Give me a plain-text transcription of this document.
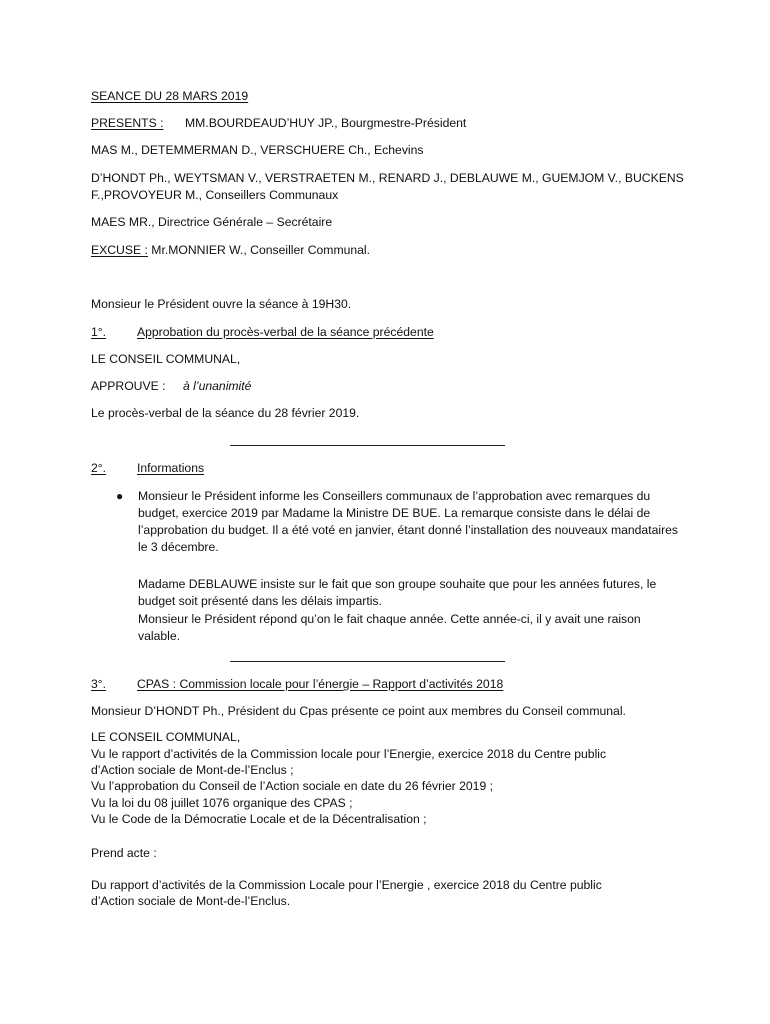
SEANCE DU 28 MARS 2019
PRESENTS : MM.BOURDEAUD’HUY JP., Bourgmestre-Président
MAS M., DETEMMERMAN D., VERSCHUERE Ch., Echevins
D’HONDT Ph., WEYTSMAN V., VERSTRAETEN M., RENARD J., DEBLAUWE M., GUEMJOM V., BUCKENS
F.,PROVOYEUR M., Conseillers Communaux
MAES MR., Directrice Générale – Secrétaire
EXCUSE : Mr.MONNIER W., Conseiller Communal.
Monsieur le Président ouvre la séance à 19H30.
1°.	Approbation du procès-verbal de la séance précédente
LE CONSEIL COMMUNAL,
APPROUVE : à l’unanimité
Le procès-verbal de la séance du 28 février 2019.
2°.	Informations
● Monsieur le Président informe les Conseillers communaux de l’approbation avec remarques du budget, exercice 2019 par Madame la Ministre DE BUE. La remarque consiste dans le délai de l’approbation du budget. Il a été voté en janvier, étant donné l’installation des nouveaux mandataires le 3 décembre.
Madame DEBLAUWE insiste sur le fait que son groupe souhaite que pour les années futures, le budget soit présenté dans les délais impartis.
Monsieur le Président répond qu’on le fait chaque année. Cette année-ci, il y avait une raison valable.
3°.	CPAS : Commission locale pour l’énergie – Rapport d’activités 2018
Monsieur D’HONDT Ph., Président du Cpas présente ce point aux membres du Conseil communal.
LE CONSEIL COMMUNAL,
Vu le rapport d’activités de la Commission locale pour l’Energie, exercice 2018 du Centre public
d’Action sociale de Mont-de-l’Enclus ;
Vu l’approbation du Conseil de l’Action sociale en date du 26 février 2019 ;
Vu la loi du 08 juillet 1076 organique des CPAS ;
Vu le Code de la Démocratie Locale et de la Décentralisation ;
Prend acte :
Du rapport d’activités de la Commission Locale pour l’Energie , exercice 2018 du Centre public
d’Action sociale de Mont-de-l’Enclus.
